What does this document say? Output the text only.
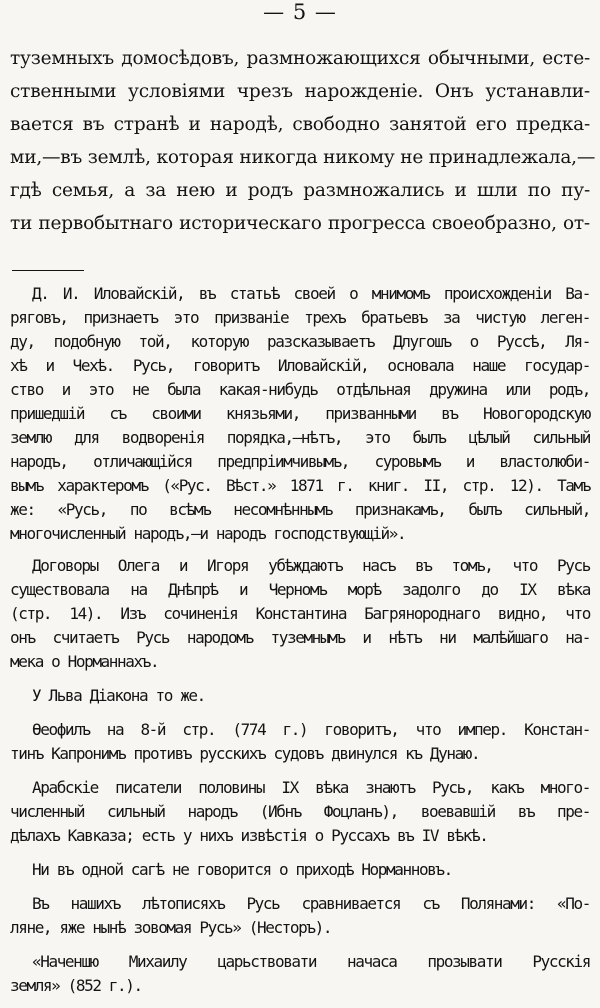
— 5 —
туземныхъ домосѣдовъ, размножающихся обычными, есте-
ственными условіями чрезъ нарожденіе. Онъ устанавли-
вается въ странѣ и народѣ, свободно занятой его предка-
ми,—въ землѣ, которая никогда никому не принадлежала,—
гдѣ семья, а за нею и родъ размножались и шли по пу-
ти первобытнаго историческаго прогресса своеобразно, от-
Д. И. Иловайскій, въ статьѣ своей о мнимомъ происхожденіи Ва-
ряговъ, признаетъ это призваніе трехъ братьевъ за чистую леген-
ду, подобную той, которую разсказываетъ Длугошъ о Руссѣ, Ля-
хѣ и Чехѣ. Русь, говоритъ Иловайскій, основала наше государ-
ство и это не была какая-нибудь отдѣльная дружина или родъ,
пришедшій съ своими князьями, призванными въ Новогородскую
землю для водворенія порядка,—нѣтъ, это былъ цѣлый сильный
народъ, отличающійся предпріимчивымъ, суровымъ и властолюби-
вымъ характеромъ («Рус. Вѣст.» 1871 г. книг. II, стр. 12). Тамъ
же: «Русь, по всѣмъ несомнѣннымъ признакамъ, былъ сильный,
многочисленный народъ,—и народъ господствующій».
Договоры Олега и Игоря убѣждаютъ насъ въ томъ, что Русь
существовала на Днѣпрѣ и Черномъ морѣ задолго до IX вѣка
(стр. 14). Изъ сочиненія Константина Багрянороднаго видно, что
онъ считаетъ Русь народомъ туземнымъ и нѣтъ ни малѣйшаго на-
мека о Норманнахъ.
У Льва Діакона то же.
Ѳеофилъ на 8-й стр. (774 г.) говоритъ, что импер. Констан-
тинъ Капронимъ противъ русскихъ судовъ двинулся къ Дунаю.
Арабскіе писатели половины IX вѣка знаютъ Русь, какъ много-
численный сильный народъ (Ибнъ Фоцланъ), воевавшій въ пре-
дѣлахъ Кавказа; есть у нихъ извѣстія о Руссахъ въ IV вѣкѣ.
Ни въ одной сагѣ не говорится о приходѣ Норманновъ.
Въ нашихъ лѣтописяхъ Русь сравнивается съ Полянами: «По-
ляне, яже нынѣ зовомая Русь» (Несторъ).
«Наченшю Михаилу царьствовати начаса прозывати Русскія
земля» (852 г.).
